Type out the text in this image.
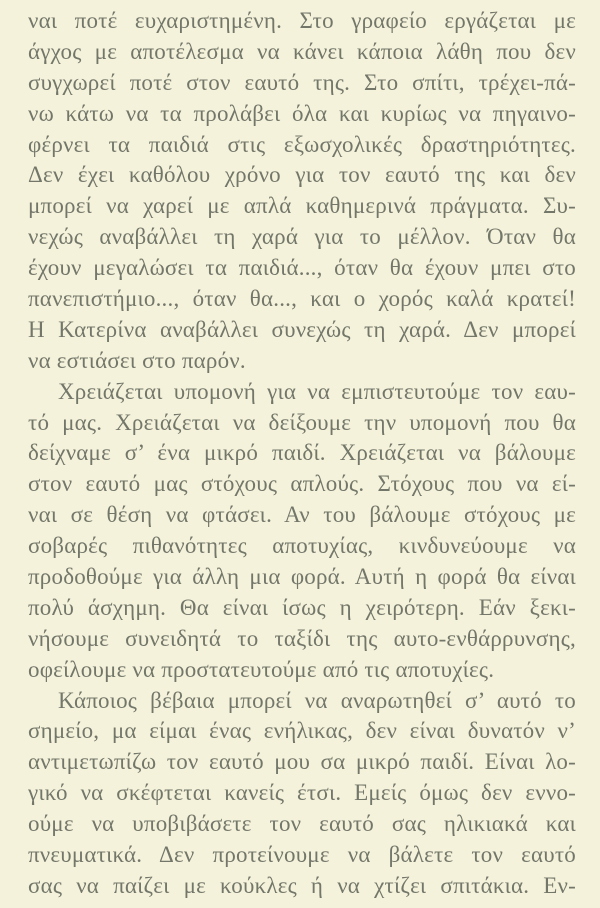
ναι ποτέ ευχαριστημένη. Στο γραφείο εργάζεται με
άγχος με αποτέλεσμα να κάνει κάποια λάθη που δεν
συγχωρεί ποτέ στον εαυτό της. Στο σπίτι, τρέχει-πά-
νω κάτω να τα προλάβει όλα και κυρίως να πηγαινο-
φέρνει τα παιδιά στις εξωσχολικές δραστηριότητες.
Δεν έχει καθόλου χρόνο για τον εαυτό της και δεν
μπορεί να χαρεί με απλά καθημερινά πράγματα. Συ-
νεχώς αναβάλλει τη χαρά για το μέλλον. Όταν θα
έχουν μεγαλώσει τα παιδιά..., όταν θα έχουν μπει στο
πανεπιστήμιο..., όταν θα..., και ο χορός καλά κρατεί!
Η Κατερίνα αναβάλλει συνεχώς τη χαρά. Δεν μπορεί
να εστιάσει στο παρόν.
Χρειάζεται υπομονή για να εμπιστευτούμε τον εαυ-
τό μας. Χρειάζεται να δείξουμε την υπομονή που θα
δείχναμε σ’ ένα μικρό παιδί. Χρειάζεται να βάλουμε
στον εαυτό μας στόχους απλούς. Στόχους που να εί-
ναι σε θέση να φτάσει. Αν του βάλουμε στόχους με
σοβαρές πιθανότητες αποτυχίας, κινδυνεύουμε να
προδοθούμε για άλλη μια φορά. Αυτή η φορά θα είναι
πολύ άσχημη. Θα είναι ίσως η χειρότερη. Εάν ξεκι-
νήσουμε συνειδητά το ταξίδι της αυτο-ενθάρρυνσης,
οφείλουμε να προστατευτούμε από τις αποτυχίες.
Κάποιος βέβαια μπορεί να αναρωτηθεί σ’ αυτό το
σημείο, μα είμαι ένας ενήλικας, δεν είναι δυνατόν ν’
αντιμετωπίζω τον εαυτό μου σα μικρό παιδί. Είναι λο-
γικό να σκέφτεται κανείς έτσι. Εμείς όμως δεν εννο-
ούμε να υποβιβάσετε τον εαυτό σας ηλικιακά και
πνευματικά. Δεν προτείνουμε να βάλετε τον εαυτό
σας να παίζει με κούκλες ή να χτίζει σπιτάκια. Εν-
